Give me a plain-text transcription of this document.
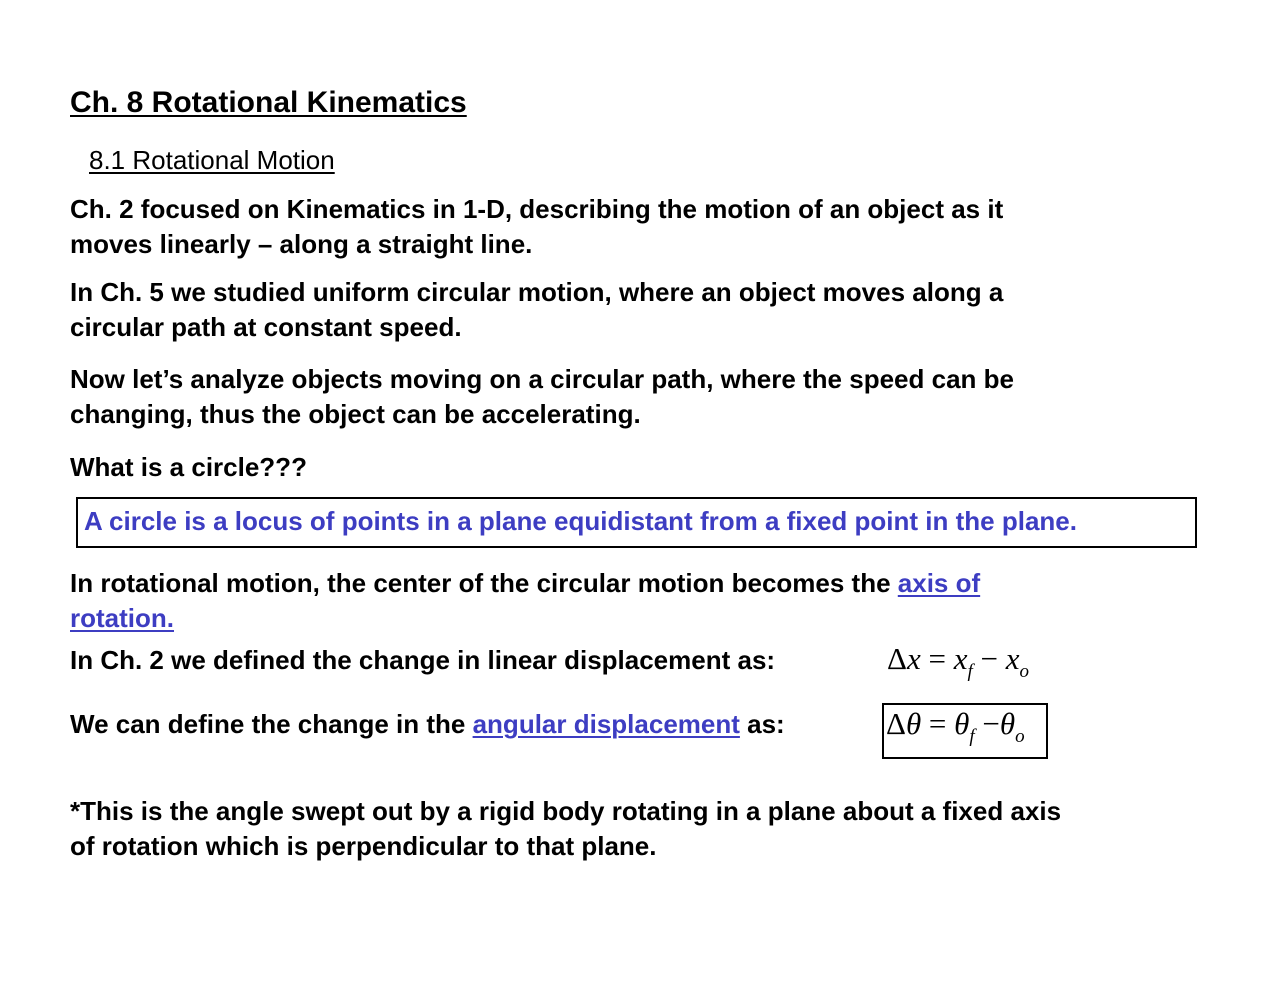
Ch. 8 Rotational Kinematics
8.1 Rotational Motion
Ch. 2 focused on Kinematics in 1-D, describing the motion of an object as it
moves linearly – along a straight line.
In Ch. 5 we studied uniform circular motion, where an object moves along a
circular path at constant speed.
Now let’s analyze objects moving on a circular path, where the speed can be
changing, thus the object can be accelerating.
What is a circle???
A circle is a locus of points in a plane equidistant from a fixed point in the plane.
In rotational motion, the center of the circular motion becomes the axis of
rotation.
In Ch. 2 we defined the change in linear displacement as:	$\Delta x = x_f - x_o$
We can define the change in the angular displacement as:	$\Delta\theta = \theta_f -\theta_o$
*This is the angle swept out by a rigid body rotating in a plane about a fixed axis
of rotation which is perpendicular to that plane.
